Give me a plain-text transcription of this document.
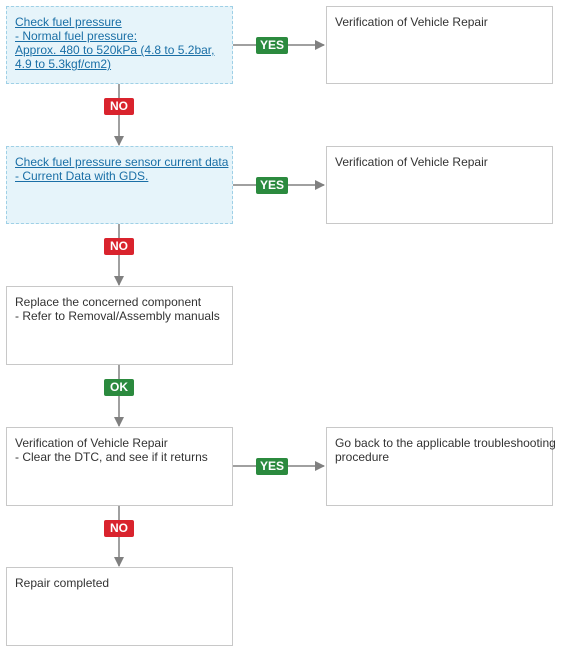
Check fuel pressure
- Normal fuel pressure:
Approx. 480 to 520kPa (4.8 to 5.2bar,
4.9 to 5.3kgf/cm2)
Verification of Vehicle Repair
YES
NO
Check fuel pressure sensor current data
- Current Data with GDS.
Verification of Vehicle Repair
YES
NO
Replace the concerned component
- Refer to Removal/Assembly manuals
OK
Verification of Vehicle Repair
- Clear the DTC, and see if it returns
Go back to the applicable troubleshooting
procedure
YES
NO
Repair completed
